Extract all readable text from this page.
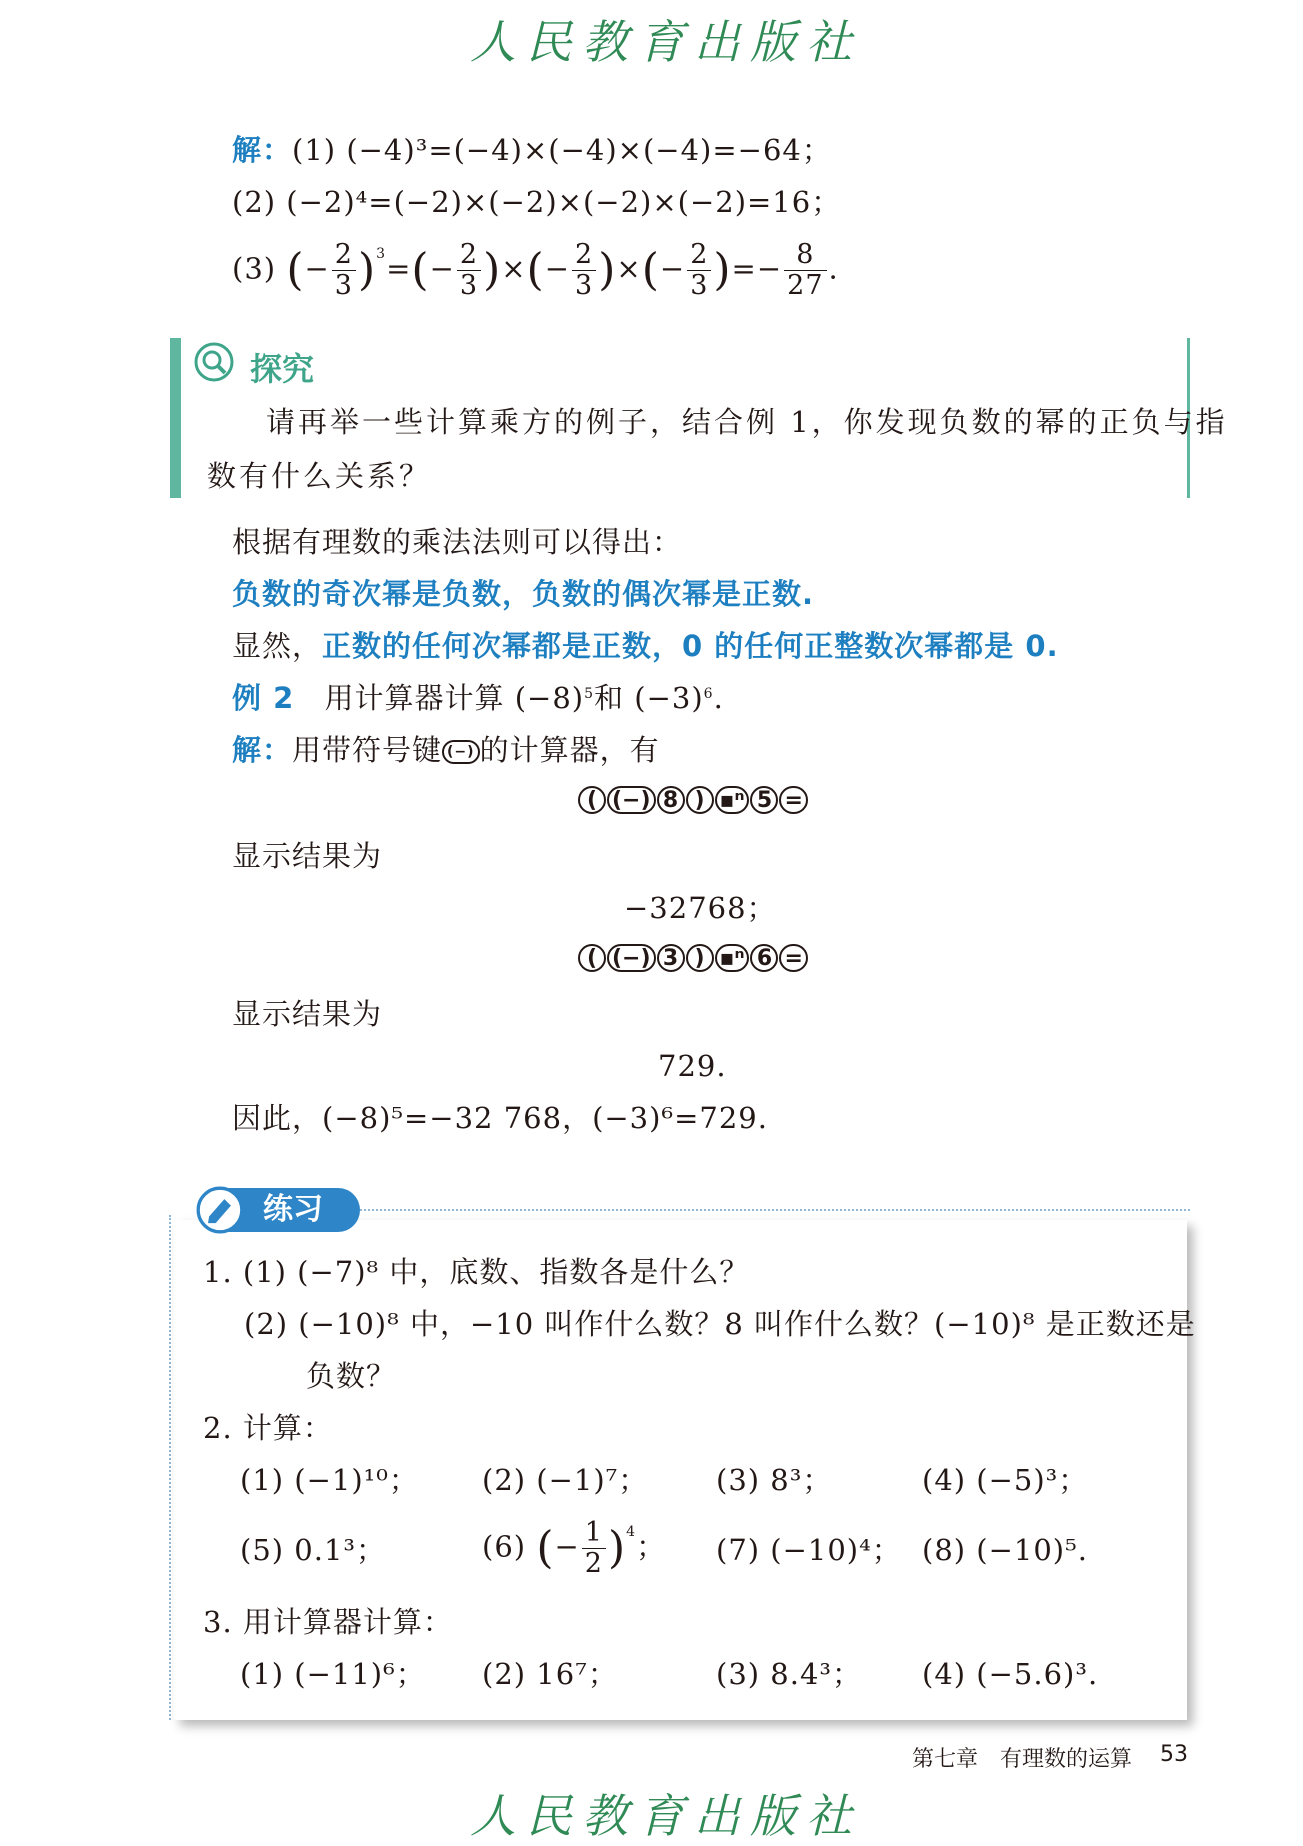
人民教育出版社
解：(1) (−4)³=(−4)×(−4)×(−4)=−64；
(2) (−2)⁴=(−2)×(−2)×(−2)×(−2)=16；
(3) (− $\frac{2}{3} )^3=(- \frac{2}{3}$ )×(− $\frac{2}{3}$ )×(− $\frac{2}{3}$ )=− $\frac{8}{27}$ .
探究
请再举一些计算乘方的例子，结合例 1，你发现负数的幂的正负与指
数有什么关系？
根据有理数的乘法法则可以得出：
负数的奇次幂是负数，负数的偶次幂是正数.
显然，正数的任何次幂都是正数，0 的任何正整数次幂都是 0.
例 2 用计算器计算 $(-8)^5$和 $(-3)^6$.
解：用带符号键 (−) 的计算器，有
( (−) 8 ) ▪ⁿ 5 =
显示结果为
−32768；
( (−) 3 ) ▪ⁿ 6 =
显示结果为
729.
因此，(−8)⁵=−32 768，(−3)⁶=729.
练习
1. (1) (−7)⁸ 中，底数、指数各是什么？
(2) (−10)⁸ 中，−10 叫作什么数？8 叫作什么数？(−10)⁸ 是正数还是
负数？
2. 计算：
(1) (−1)¹⁰； (2) (−1)⁷； (3) 8³；	(4) (−5)³；
(5) 0.1³；	(6) (− $\frac{1}{2} )^4$； (7) (−10)⁴； (8) (−10)⁵.
3. 用计算器计算：
(1) (−11)⁶； (2) 16⁷；	(3) 8.4³； (4) (−5.6)³.
第七章　有理数的运算 53
人民教育出版社
